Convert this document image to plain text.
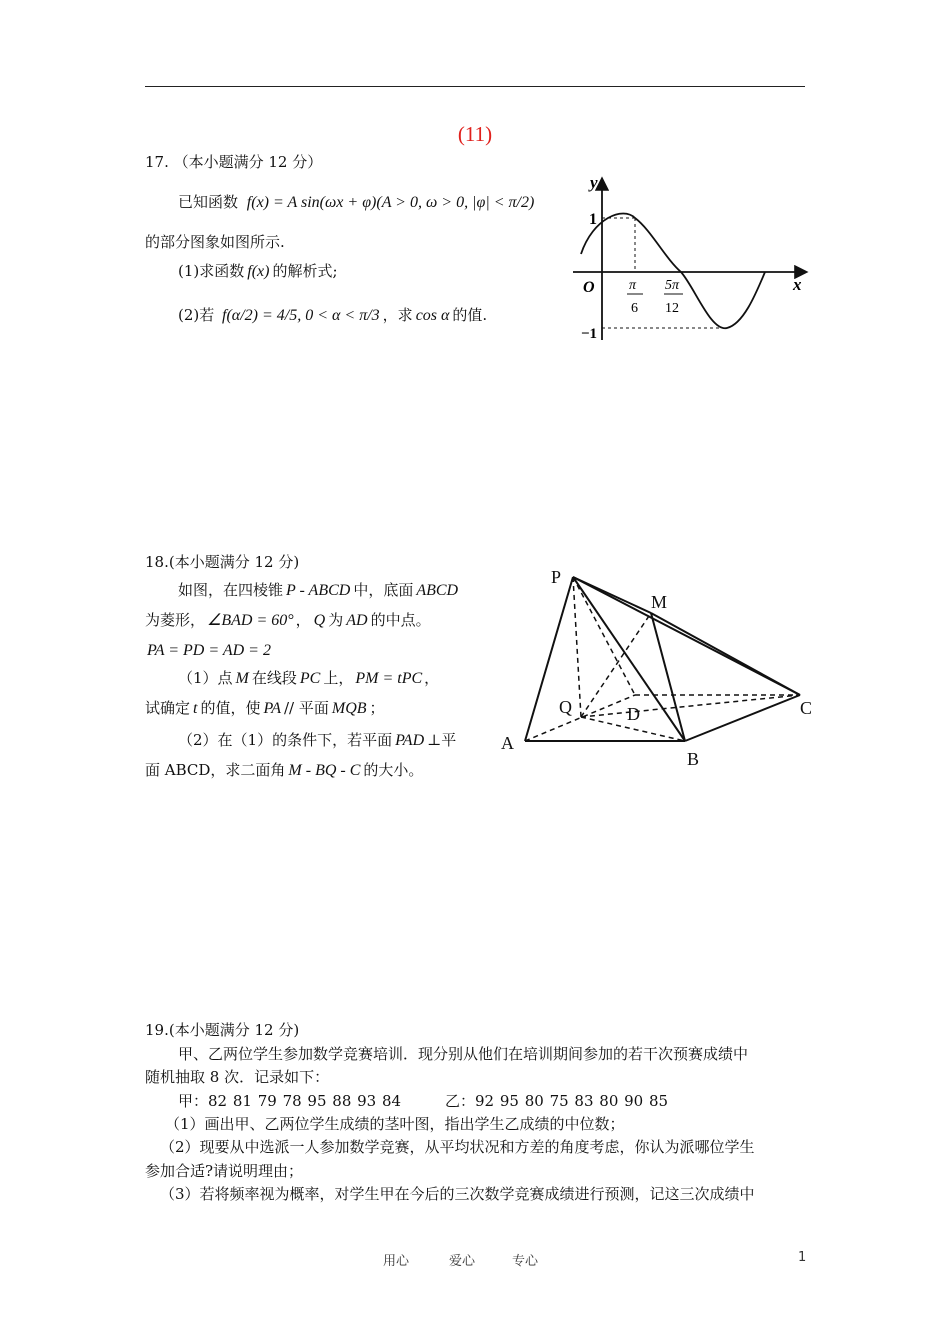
(11)
17. （本小题满分 12 分）
已知函数 f(x) = A sin(ωx + φ)(A > 0, ω > 0, |φ| < π/2)
的部分图象如图所示.
(1)求函数 f(x) 的解析式;
(2)若 f(α/2) = 4/5, 0 < α < π/3 ，求 cos α 的值.
y
x
O
1
−1
π
6
5π
12
18.(本小题满分 12 分)
如图，在四棱锥 P - ABCD 中，底面 ABCD
为菱形， ∠BAD = 60° ， Q 为 AD 的中点。
PA = PD = AD = 2
（1）点 M 在线段 PC 上， PM = tPC ，
试确定 t 的值，使 PA // 平面 MQB ；
（2）在（1）的条件下，若平面 PAD ⊥平
面 ABCD，求二面角 M - BQ - C 的大小。
P
M
Q	D	C
A
B
19.(本小题满分 12 分)
甲、乙两位学生参加数学竞赛培训．现分别从他们在培训期间参加的若干次预赛成绩中
随机抽取 8 次．记录如下：
甲：82 81 79 78 95 88 93 84	乙：92 95 80 75 83 80 90 85
（1）画出甲、乙两位学生成绩的茎叶图，指出学生乙成绩的中位数；
（2）现要从中选派一人参加数学竞赛，从平均状况和方差的角度考虑，你认为派哪位学生
参加合适?请说明理由；
（3）若将频率视为概率，对学生甲在今后的三次数学竞赛成绩进行预测，记这三次成绩中
用心	爱心	专心	1
